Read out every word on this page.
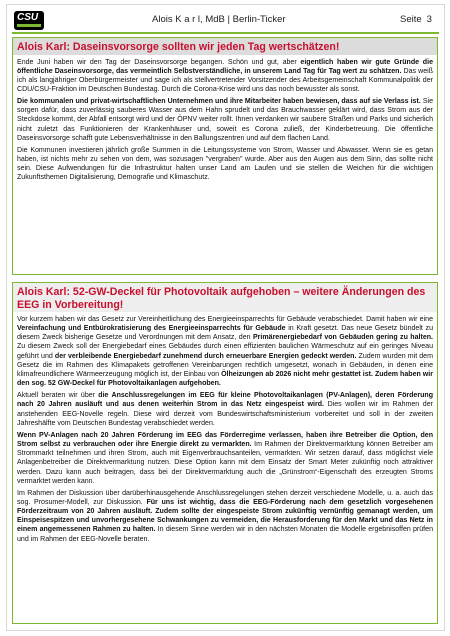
CSU	Alois K a r l, MdB | Berlin-Ticker	Seite 3
Alois Karl: Daseinsvorsorge sollten wir jeden Tag wertschätzen!

Ende Juni haben wir den Tag der Daseinsvorsorge begangen. Schön und gut, aber eigentlich haben wir gute Gründe die öffentliche Daseinsvorsorge, das vermeintlich Selbstverständliche, in unserem Land Tag für Tag wert zu schätzen. Das weiß ich als langjähriger Oberbürgermeister und sage ich als stellvertretender Vorsitzender des Arbeitsgemeinschaft Kommunalpolitik der CDU/CSU-Fraktion im Deutschen Bundestag. Durch die Corona-Krise wird uns das noch bewusster als sonst.

Die kommunalen und privat-wirtschaftlichen Unternehmen und ihre Mitarbeiter haben bewiesen, dass auf sie Verlass ist. Sie sorgen dafür, dass zuverlässig sauberes Wasser aus dem Hahn sprudelt und das Brauchwasser geklärt wird, dass Strom aus der Steckdose kommt, der Abfall entsorgt wird und der ÖPNV weiter rollt. Ihnen verdanken wir saubere Straßen und Parks und sicherlich nicht zuletzt das Funktionieren der Krankenhäuser und, soweit es Corona zuließ, der Kinderbetreuung. Die öffentliche Daseinsvorsorge schafft gute Lebensverhältnisse in den Ballungszentren und auf dem flachen Land.

Die Kommunen investieren jährlich große Summen in die Leitungssysteme von Strom, Wasser und Abwasser. Wenn sie es getan haben, ist nichts mehr zu sehen von dem, was sozusagen "vergraben" wurde. Aber aus den Augen aus dem Sinn, das sollte nicht sein. Diese Aufwendungen für die Infrastruktur halten unser Land am Laufen und sie stellen die Weichen für die wichtigen Zukunftsthemen Digitalisierung, Demografie und Klimaschutz.

Alois Karl: 52-GW-Deckel für Photovoltaik aufgehoben – weitere Änderungen des EEG in Vorbereitung!

Vor kurzem haben wir das Gesetz zur Vereinheitlichung des Energieeinsparrechts für Gebäude verabschiedet. Damit haben wir eine Vereinfachung und Entbürokratisierung des Energieeinsparrechts für Gebäude in Kraft gesetzt. Das neue Gesetz bündelt zu diesem Zweck bisherige Gesetze und Verordnungen mit dem Ansatz, den Primärenergiebedarf von Gebäuden gering zu halten. Zu diesem Zweck soll der Energiebedarf eines Gebäudes durch einen effizienten baulichen Wärmeschutz auf ein geringes Niveau geführt und der verbleibende Energiebedarf zunehmend durch erneuerbare Energien gedeckt werden. Zudem wurden mit dem Gesetz die im Rahmen des Klimapakets getroffenen Vereinbarungen rechtlich umgesetzt, wonach in Gebäuden, in denen eine klimafreundlichere Wärmeerzeugung möglich ist, der Einbau von Ölheizungen ab 2026 nicht mehr gestattet ist. Zudem haben wir den sog. 52 GW-Deckel für Photovoltaikanlagen aufgehoben.

Aktuell beraten wir über die Anschlussregelungen im EEG für kleine Photovoltaikanlagen (PV-Anlagen), deren Förderung nach 20 Jahren ausläuft und aus denen weiterhin Strom in das Netz eingespeist wird. Dies wollen wir im Rahmen der anstehenden EEG-Novelle regeln. Diese wird derzeit vom Bundeswirtschaftsministerium vorbereitet und soll in der zweiten Jahreshälfte vom Deutschen Bundestag verabschiedet werden.

Wenn PV-Anlagen nach 20 Jahren Förderung im EEG das Förderregime verlassen, haben ihre Betreiber die Option, den Strom selbst zu verbrauchen oder ihre Energie direkt zu vermarkten. Im Rahmen der Direktvermarktung können Betreiber am Strommarkt teilnehmen und ihren Strom, auch mit Eigenverbrauchsanteilen, vermarkten. Wir setzen darauf, dass möglichst viele Anlagenbetreiber die Direktvermarktung nutzen. Diese Option kann mit dem Einsatz der Smart Meter zukünftig noch attraktiver werden. Dazu kann auch beitragen, dass bei der Direktvermarktung auch die „Grünstrom“-Eigenschaft des erzeugten Stroms vermarktet werden kann.

Im Rahmen der Diskussion über darüberhinausgehende Anschlussregelungen stehen derzeit verschiedene Modelle, u. a. auch das sog. Prosumer-Modell, zur Diskussion. Für uns ist wichtig, dass die EEG-Förderung nach dem gesetzlich vorgesehenen Förderzeitraum von 20 Jahren ausläuft. Zudem sollte der eingespeiste Strom zukünftig vernünftig gemanagt werden, um Einspeisespitzen und unvorhergesehene Schwankungen zu vermeiden, die Herausforderung für den Markt und das Netz in einem angemessenen Rahmen zu halten. In diesem Sinne werden wir in den nächsten Monaten die Modelle ergebnisoffen prüfen und im Rahmen der EEG-Novelle beraten.
